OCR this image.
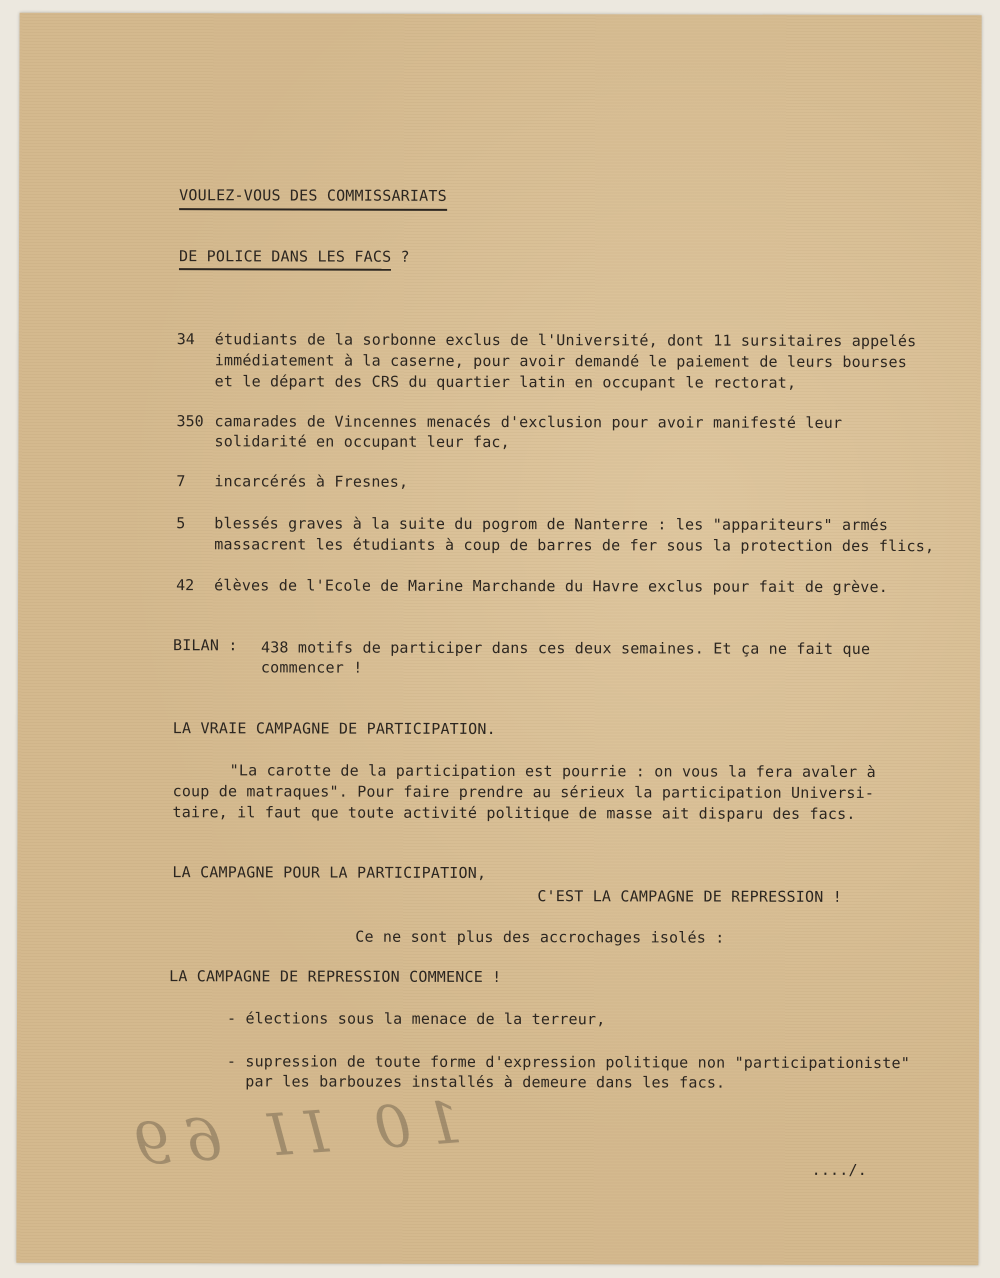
VOULEZ-VOUS DES COMMISSARIATS
DE POLICE DANS LES FACS ?
34 étudiants de la sorbonne exclus de l'Université, dont 11 sursitaires appelés
immédiatement à la caserne, pour avoir demandé le paiement de leurs bourses
et le départ des CRS du quartier latin en occupant le rectorat,
350 camarades de Vincennes menacés d'exclusion pour avoir manifesté leur
solidarité en occupant leur fac,
7 incarcérés à Fresnes,
5 blessés graves à la suite du pogrom de Nanterre : les "appariteurs" armés
massacrent les étudiants à coup de barres de fer sous la protection des flics,
42 élèves de l'Ecole de Marine Marchande du Havre exclus pour fait de grève.
BILAN : 438 motifs de participer dans ces deux semaines. Et ça ne fait que
commencer !
LA VRAIE CAMPAGNE DE PARTICIPATION.
"La carotte de la participation est pourrie : on vous la fera avaler à
coup de matraques". Pour faire prendre au sérieux la participation Universi-
taire, il faut que toute activité politique de masse ait disparu des facs.
LA CAMPAGNE POUR LA PARTICIPATION,
C'EST LA CAMPAGNE DE REPRESSION !
Ce ne sont plus des accrochages isolés :
LA CAMPAGNE DE REPRESSION COMMENCE !
- élections sous la menace de la terreur,
- supression de toute forme d'expression politique non "participationiste"
par les barbouzes installés à demeure dans les facs.
..../.
10 II 69
